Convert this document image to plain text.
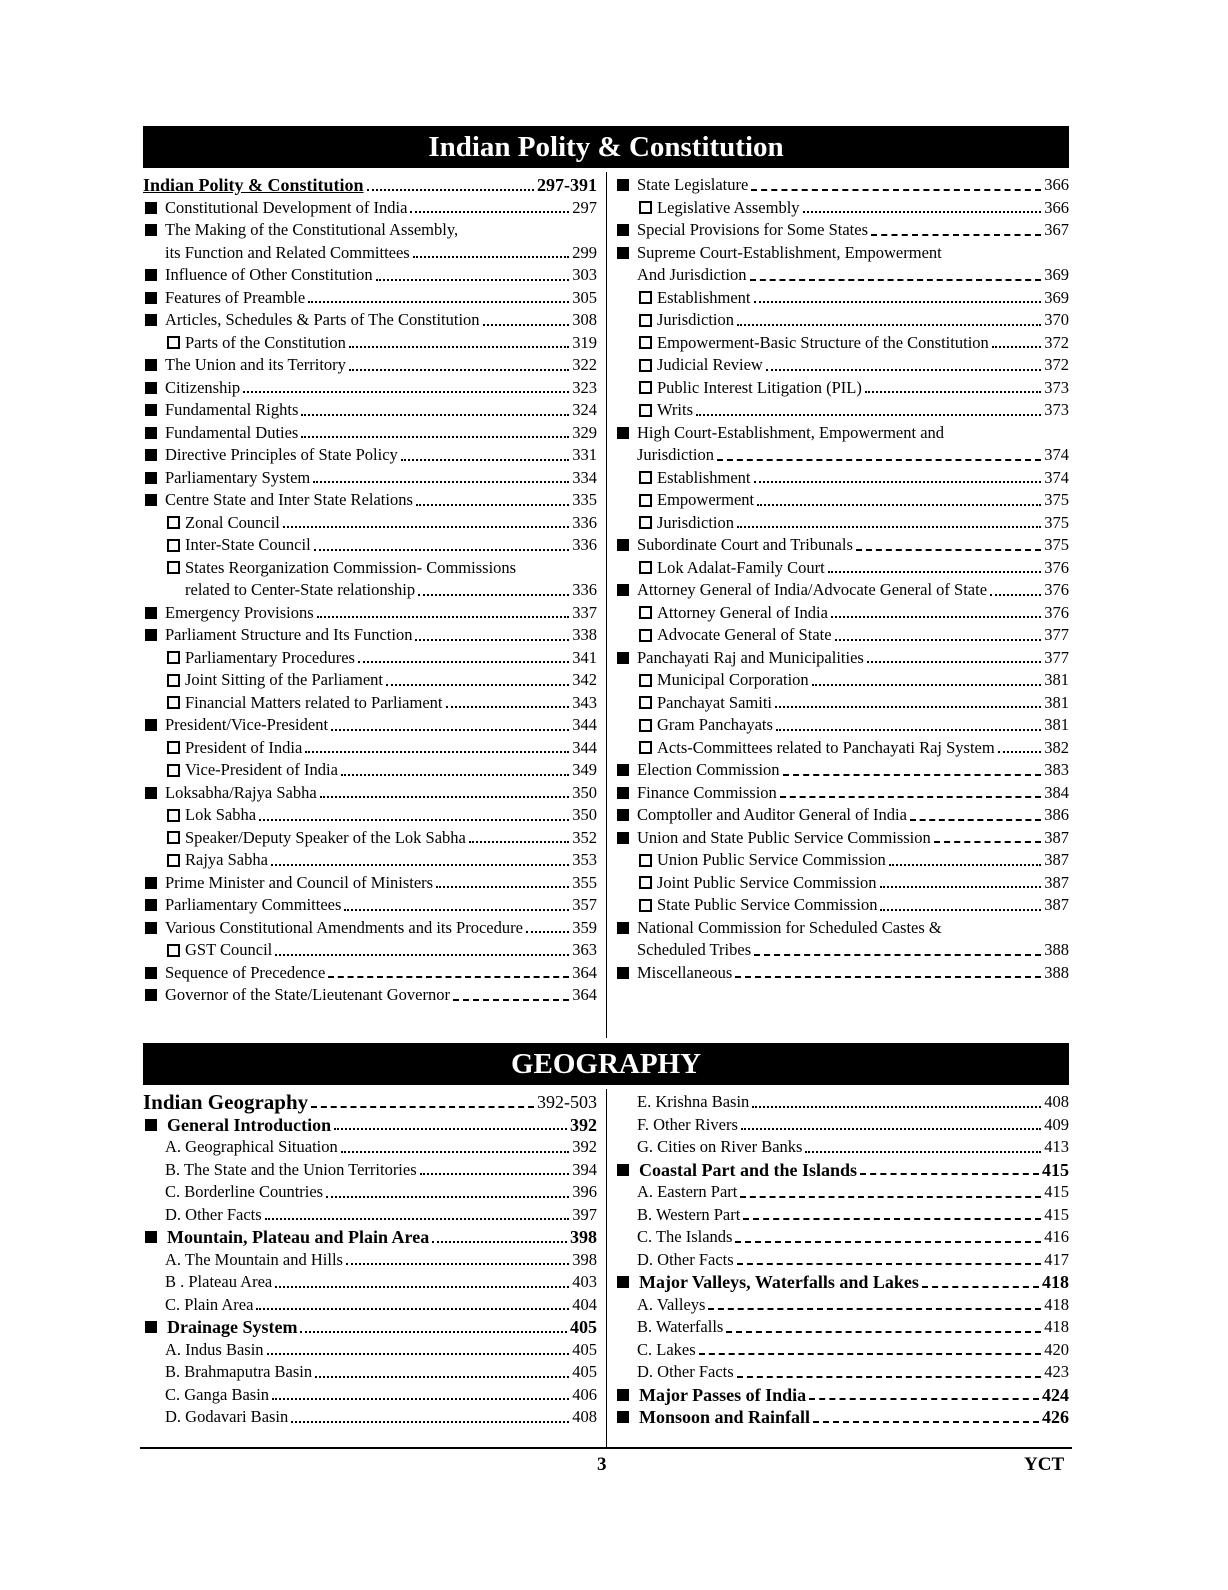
Indian Polity & Constitution
Indian Polity & Constitution	297-391
Constitutional Development of India	297
The Making of the Constitutional Assembly,
its Function and Related Committees	299
Influence of Other Constitution	303
Features of Preamble	305
Articles, Schedules & Parts of The Constitution	308
Parts of the Constitution	319
The Union and its Territory	322
Citizenship	323
Fundamental Rights	324
Fundamental Duties	329
Directive Principles of State Policy	331
Parliamentary System	334
Centre State and Inter State Relations	335
Zonal Council	336
Inter-State Council	336
States Reorganization Commission- Commissions
related to Center-State relationship	336
Emergency Provisions	337
Parliament Structure and Its Function	338
Parliamentary Procedures	341
Joint Sitting of the Parliament	342
Financial Matters related to Parliament	343
President/Vice-President	344
President of India	344
Vice-President of India	349
Loksabha/Rajya Sabha	350
Lok Sabha	350
Speaker/Deputy Speaker of the Lok Sabha	352
Rajya Sabha	353
Prime Minister and Council of Ministers	355
Parliamentary Committees	357
Various Constitutional Amendments and its Procedure	359
GST Council	363
Sequence of Precedence	364
Governor of the State/Lieutenant Governor	364
State Legislature	366
Legislative Assembly	366
Special Provisions for Some States	367
Supreme Court-Establishment, Empowerment
And Jurisdiction	369
Establishment	369
Jurisdiction	370
Empowerment-Basic Structure of the Constitution	372
Judicial Review	372
Public Interest Litigation (PIL)	373
Writs	373
High Court-Establishment, Empowerment and
Jurisdiction	374
Establishment	374
Empowerment	375
Jurisdiction	375
Subordinate Court and Tribunals	375
Lok Adalat-Family Court	376
Attorney General of India/Advocate General of State	376
Attorney General of India	376
Advocate General of State	377
Panchayati Raj and Municipalities	377
Municipal Corporation	381
Panchayat Samiti	381
Gram Panchayats	381
Acts-Committees related to Panchayati Raj System	382
Election Commission	383
Finance Commission	384
Comptoller and Auditor General of India	386
Union and State Public Service Commission	387
Union Public Service Commission	387
Joint Public Service Commission	387
State Public Service Commission	387
National Commission for Scheduled Castes &
Scheduled Tribes	388
Miscellaneous	388
GEOGRAPHY
Indian Geography	392-503
General Introduction	392
A. Geographical Situation	392
B. The State and the Union Territories	394
C. Borderline Countries	396
D. Other Facts	397
Mountain, Plateau and Plain Area	398
A. The Mountain and Hills	398
B . Plateau Area	403
C. Plain Area	404
Drainage System	405
A. Indus Basin	405
B. Brahmaputra Basin	405
C. Ganga Basin	406
D. Godavari Basin	408
E. Krishna Basin	408
F. Other Rivers	409
G. Cities on River Banks	413
Coastal Part and the Islands	415
A. Eastern Part	415
B. Western Part	415
C. The Islands	416
D. Other Facts	417
Major Valleys, Waterfalls and Lakes	418
A. Valleys	418
B. Waterfalls	418
C. Lakes	420
D. Other Facts	423
Major Passes of India	424
Monsoon and Rainfall	426
3	YCT
